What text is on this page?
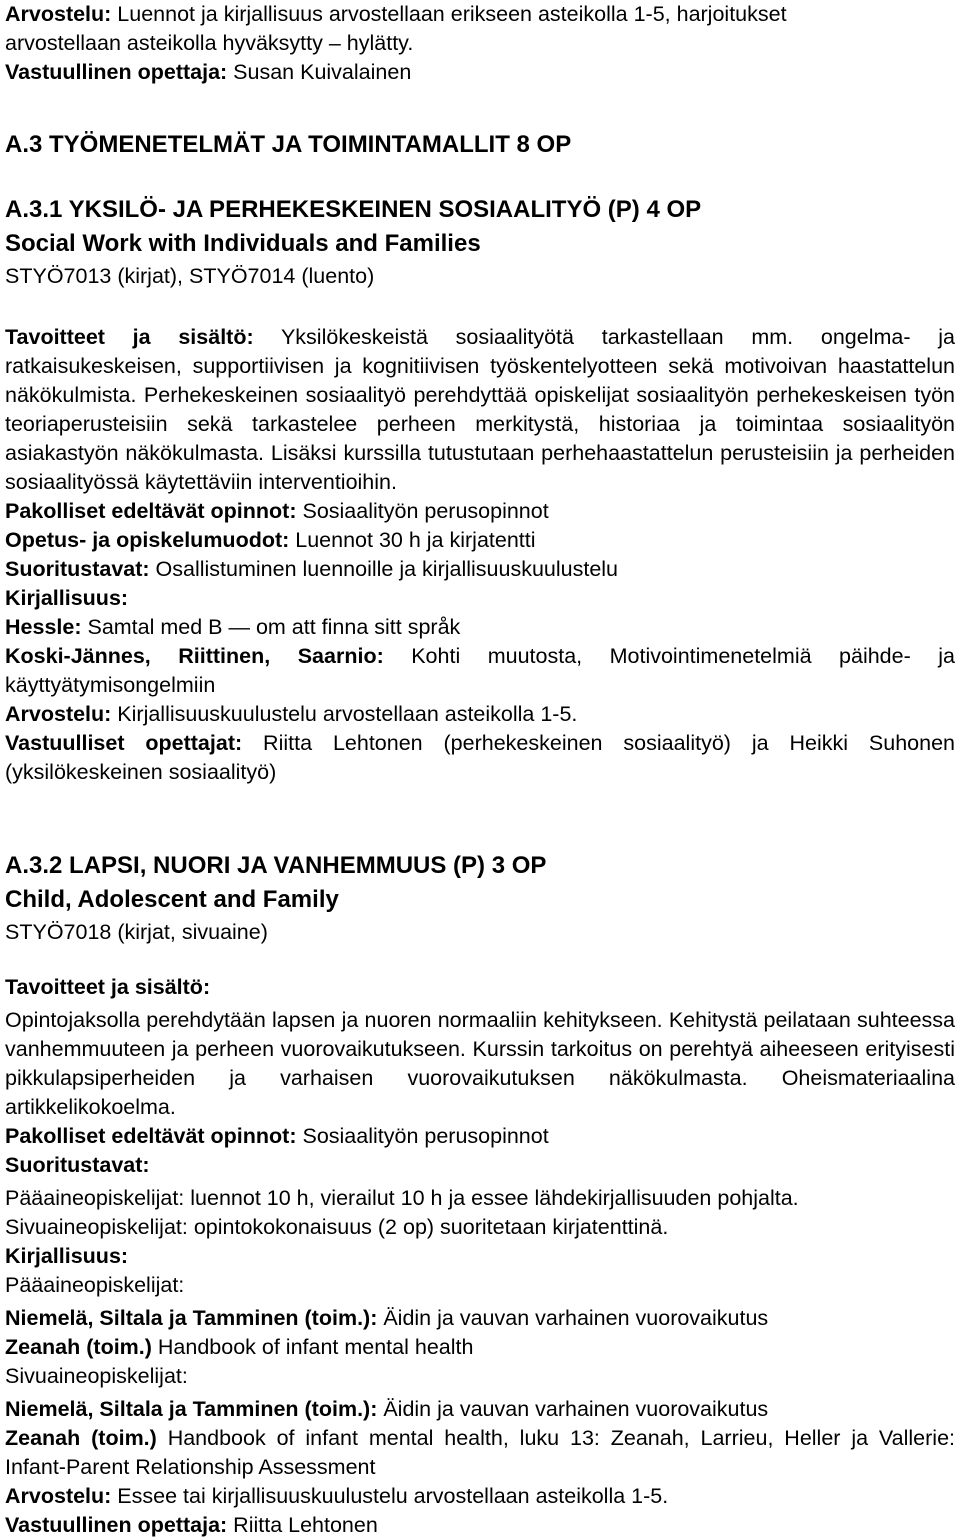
Arvostelu: Luennot ja kirjallisuus arvostellaan erikseen asteikolla 1-5, harjoitukset
arvostellaan asteikolla hyväksytty – hylätty.
Vastuullinen opettaja: Susan Kuivalainen
A.3 TYÖMENETELMÄT JA TOIMINTAMALLIT 8 OP
A.3.1 YKSILÖ- JA PERHEKESKEINEN SOSIAALITYÖ (P) 4 OP
Social Work with Individuals and Families
STYÖ7013 (kirjat), STYÖ7014 (luento)

Tavoitteet ja sisältö: Yksilökeskeistä sosiaalityötä tarkastellaan mm. ongelma- ja ratkaisukeskeisen, supportiivisen ja kognitiivisen työskentelyotteen sekä motivoivan haastattelun näkökulmista. Perhekeskeinen sosiaalityö perehdyttää opiskelijat sosiaalityön perhekeskeisen työn teoriaperusteisiin sekä tarkastelee perheen merkitystä, historiaa ja toimintaa sosiaalityön asiakastyön näkökulmasta. Lisäksi kurssilla tutustutaan perhehaastattelun perusteisiin ja perheiden sosiaalityössä käytettäviin interventioihin.

Pakolliset edeltävät opinnot: Sosiaalityön perusopinnot
Opetus- ja opiskelumuodot: Luennot 30 h ja kirjatentti
Suoritustavat: Osallistuminen luennoille ja kirjallisuuskuulustelu
Kirjallisuus:
Hessle: Samtal med B — om att finna sitt språk

Koski-Jännes, Riittinen, Saarnio: Kohti muutosta, Motivointimenetelmiä päihde- ja käyttyätymisongelmiin

Arvostelu: Kirjallisuuskuulustelu arvostellaan asteikolla 1-5.

Vastuulliset opettajat: Riitta Lehtonen (perhekeskeinen sosiaalityö) ja Heikki Suhonen (yksilökeskeinen sosiaalityö)

A.3.2 LAPSI, NUORI JA VANHEMMUUS (P) 3 OP
Child, Adolescent and Family
STYÖ7018 (kirjat, sivuaine)
Tavoitteet ja sisältö:

Opintojaksolla perehdytään lapsen ja nuoren normaaliin kehitykseen. Kehitystä peilataan suhteessa vanhemmuuteen ja perheen vuorovaikutukseen. Kurssin tarkoitus on perehtyä aiheeseen erityisesti pikkulapsiperheiden ja varhaisen vuorovaikutuksen näkökulmasta. Oheismateriaalina artikkelikokoelma.

Pakolliset edeltävät opinnot: Sosiaalityön perusopinnot
Suoritustavat:
Pääaineopiskelijat: luennot 10 h, vierailut 10 h ja essee lähdekirjallisuuden pohjalta.
Sivuaineopiskelijat: opintokokonaisuus (2 op) suoritetaan kirjatenttinä.
Kirjallisuus:
Pääaineopiskelijat:
Niemelä, Siltala ja Tamminen (toim.): Äidin ja vauvan varhainen vuorovaikutus
Zeanah (toim.) Handbook of infant mental health
Sivuaineopiskelijat:
Niemelä, Siltala ja Tamminen (toim.): Äidin ja vauvan varhainen vuorovaikutus

Zeanah (toim.) Handbook of infant mental health, luku 13: Zeanah, Larrieu, Heller ja Vallerie: Infant-Parent Relationship Assessment

Arvostelu: Essee tai kirjallisuuskuulustelu arvostellaan asteikolla 1-5.
Vastuullinen opettaja: Riitta Lehtonen
